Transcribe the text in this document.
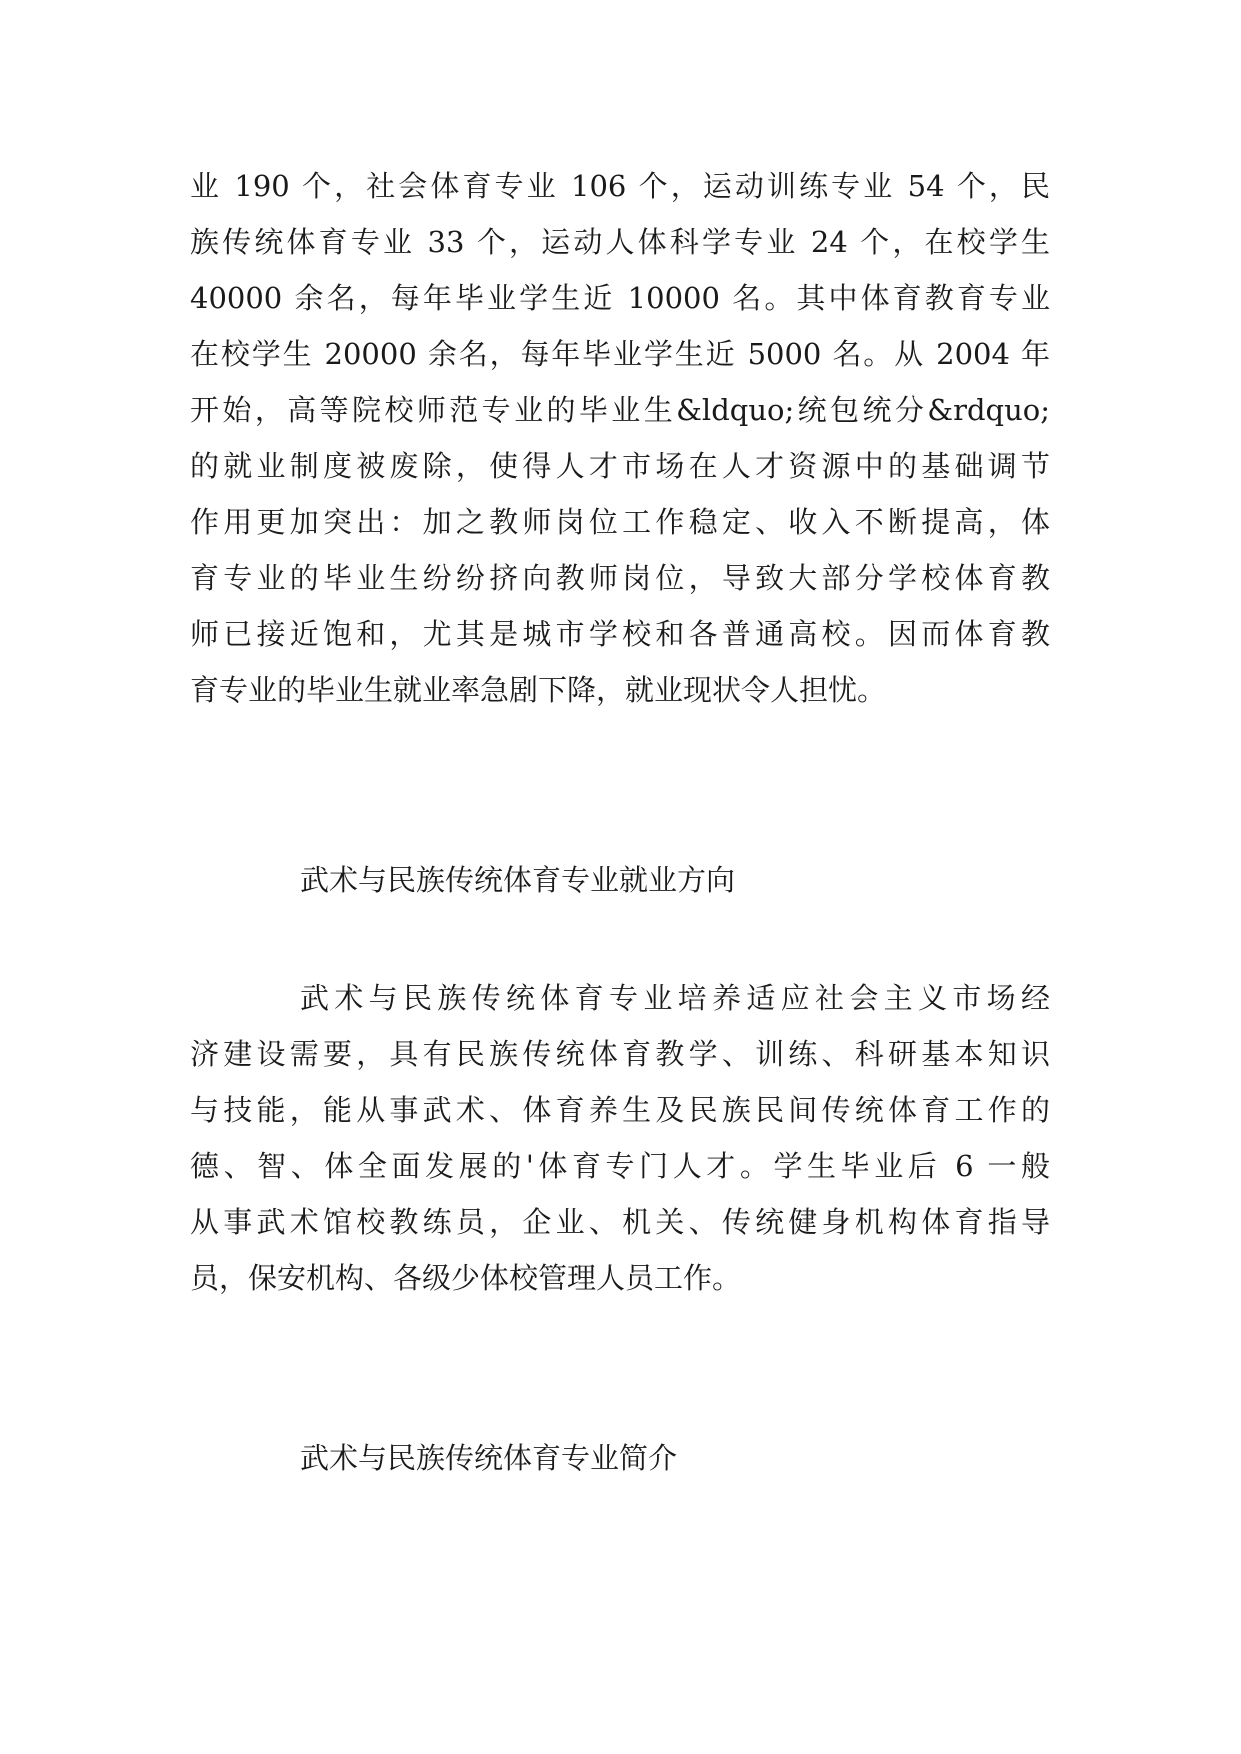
业 190 个，社会体育专业 106 个，运动训练专业 54 个，民
族传统体育专业 33 个，运动人体科学专业 24 个，在校学生
40000 余名，每年毕业学生近 10000 名。其中体育教育专业
在校学生 20000 余名，每年毕业学生近 5000 名。从 2004 年
开始，高等院校师范专业的毕业生&ldquo;统包统分&rdquo;
的就业制度被废除，使得人才市场在人才资源中的基础调节
作用更加突出：加之教师岗位工作稳定、收入不断提高，体
育专业的毕业生纷纷挤向教师岗位，导致大部分学校体育教
师已接近饱和，尤其是城市学校和各普通高校。因而体育教
育专业的毕业生就业率急剧下降，就业现状令人担忧。
武术与民族传统体育专业就业方向
武术与民族传统体育专业培养适应社会主义市场经
济建设需要，具有民族传统体育教学、训练、科研基本知识
与技能，能从事武术、体育养生及民族民间传统体育工作的
德、智、体全面发展的'体育专门人才。学生毕业后 6 一般
从事武术馆校教练员，企业、机关、传统健身机构体育指导
员，保安机构、各级少体校管理人员工作。
武术与民族传统体育专业简介
